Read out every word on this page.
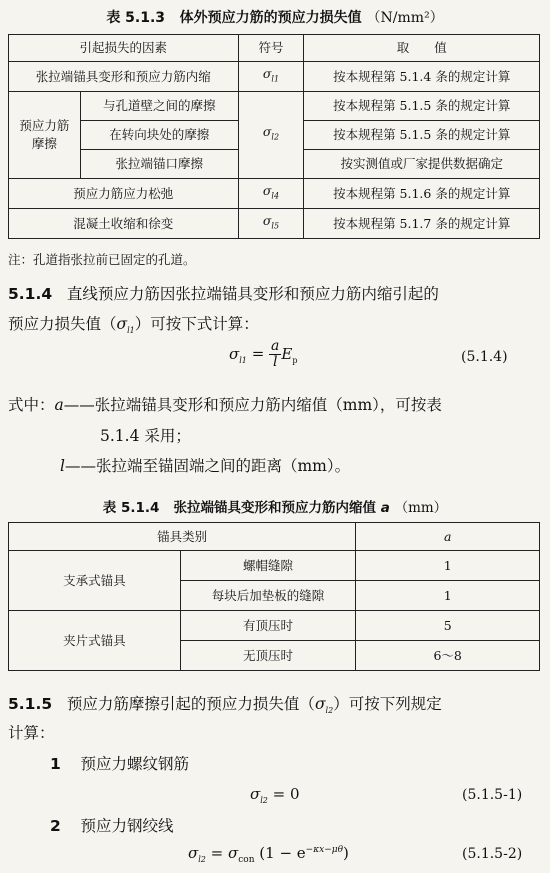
表 5.1.3 体外预应力筋的预应力损失值 （N/mm²）
引起损失的因素		符号	取　　值
张拉端锚具变形和预应力筋内缩		$\sigma_{l1}$	按本规程第 5.1.4 条的规定计算
预应力筋
摩擦	与孔道壁之间的摩擦	$\sigma_{l2}$	按本规程第 5.1.5 条的规定计算
	在转向块处的摩擦		按本规程第 5.1.5 条的规定计算
	张拉端锚口摩擦		按实测值或厂家提供数据确定
预应力筋应力松弛		$\sigma_{l4}$	按本规程第 5.1.6 条的规定计算
混凝土收缩和徐变		$\sigma_{l5}$	按本规程第 5.1.7 条的规定计算
注：孔道指张拉前已固定的孔道。
5.1.4 直线预应力筋因张拉端锚具变形和预应力筋内缩引起的
预应力损失值$(\sigma_{l1})$可按下式计算：
$\sigma_{l1} = \frac{a}{l} E_p$	(5.1.4)
式中：a——张拉端锚具变形和预应力筋内缩值（mm），可按表
5.1.4 采用；
l——张拉端至锚固端之间的距离（mm）。
表 5.1.4 张拉端锚具变形和预应力筋内缩值 a （mm）
锚具类别		a
支承式锚具	螺帽缝隙	1
	每块后加垫板的缝隙	1
夹片式锚具	有顶压时	5
	无顶压时	6～8
5.1.5 预应力筋摩擦引起的预应力损失值$(\sigma_{l2})$可按下列规定
计算：
1 预应力螺纹钢筋
$\sigma_{l2} = 0$	(5.1.5-1)
2 预应力钢绞线
$\sigma_{l2} = \sigma_{con}$ $(1 - e^{-\kappa x-\mu\theta})$	(5.1.5-2)
